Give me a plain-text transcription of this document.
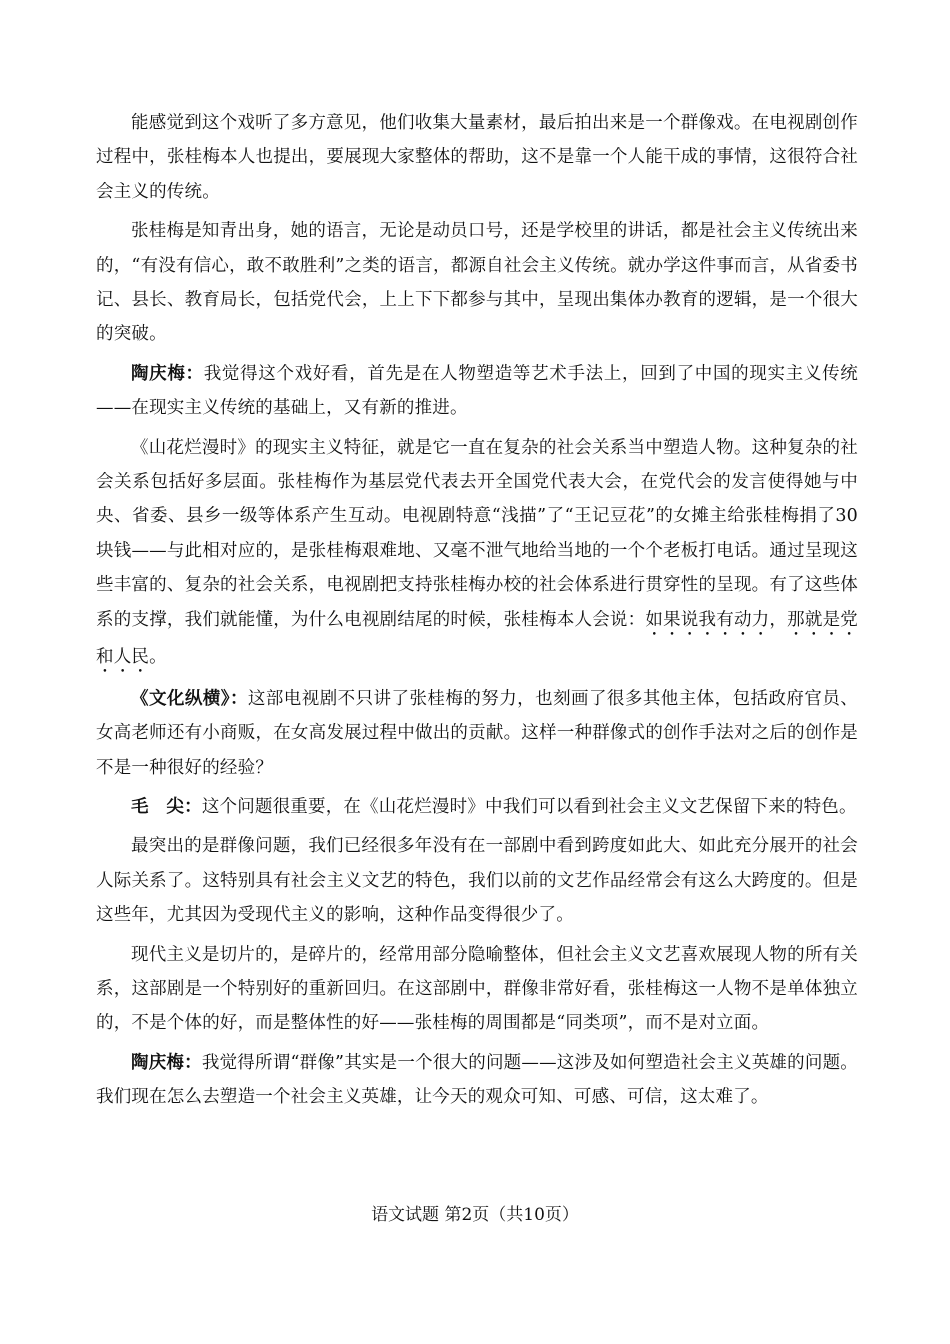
能感觉到这个戏听了多方意见，他们收集大量素材，最后拍出来是一个群像戏。在电视剧创作过程中，张桂梅本人也提出，要展现大家整体的帮助，这不是靠一个人能干成的事情，这很符合社会主义的传统。

张桂梅是知青出身，她的语言，无论是动员口号，还是学校里的讲话，都是社会主义传统出来的，“有没有信心，敢不敢胜利”之类的语言，都源自社会主义传统。就办学这件事而言，从省委书记、县长、教育局长，包括党代会，上上下下都参与其中，呈现出集体办教育的逻辑，是一个很大的突破。

陶庆梅：我觉得这个戏好看，首先是在人物塑造等艺术手法上，回到了中国的现实主义传统——在现实主义传统的基础上，又有新的推进。

《山花烂漫时》的现实主义特征，就是它一直在复杂的社会关系当中塑造人物。这种复杂的社会关系包括好多层面。张桂梅作为基层党代表去开全国党代表大会，在党代会的发言使得她与中央、省委、县乡一级等体系产生互动。电视剧特意“浅描”了“王记豆花”的女摊主给张桂梅捐了30块钱——与此相对应的，是张桂梅艰难地、又毫不泄气地给当地的一个个老板打电话。通过呈现这些丰富的、复杂的社会关系，电视剧把支持张桂梅办校的社会体系进行贯穿性的呈现。有了这些体系的支撑，我们就能懂，为什么电视剧结尾的时候，张桂梅本人会说：如果说我有动力，那就是党和人民。

《文化纵横》：这部电视剧不只讲了张桂梅的努力，也刻画了很多其他主体，包括政府官员、女高老师还有小商贩，在女高发展过程中做出的贡献。这样一种群像式的创作手法对之后的创作是不是一种很好的经验？

毛　尖：这个问题很重要，在《山花烂漫时》中我们可以看到社会主义文艺保留下来的特色。

最突出的是群像问题，我们已经很多年没有在一部剧中看到跨度如此大、如此充分展开的社会人际关系了。这特别具有社会主义文艺的特色，我们以前的文艺作品经常会有这么大跨度的。但是这些年，尤其因为受现代主义的影响，这种作品变得很少了。

现代主义是切片的，是碎片的，经常用部分隐喻整体，但社会主义文艺喜欢展现人物的所有关系，这部剧是一个特别好的重新回归。在这部剧中，群像非常好看，张桂梅这一人物不是单体独立的，不是个体的好，而是整体性的好——张桂梅的周围都是“同类项”，而不是对立面。

陶庆梅：我觉得所谓“群像”其实是一个很大的问题——这涉及如何塑造社会主义英雄的问题。我们现在怎么去塑造一个社会主义英雄，让今天的观众可知、可感、可信，这太难了。

语文试题 第2页（共10页）
